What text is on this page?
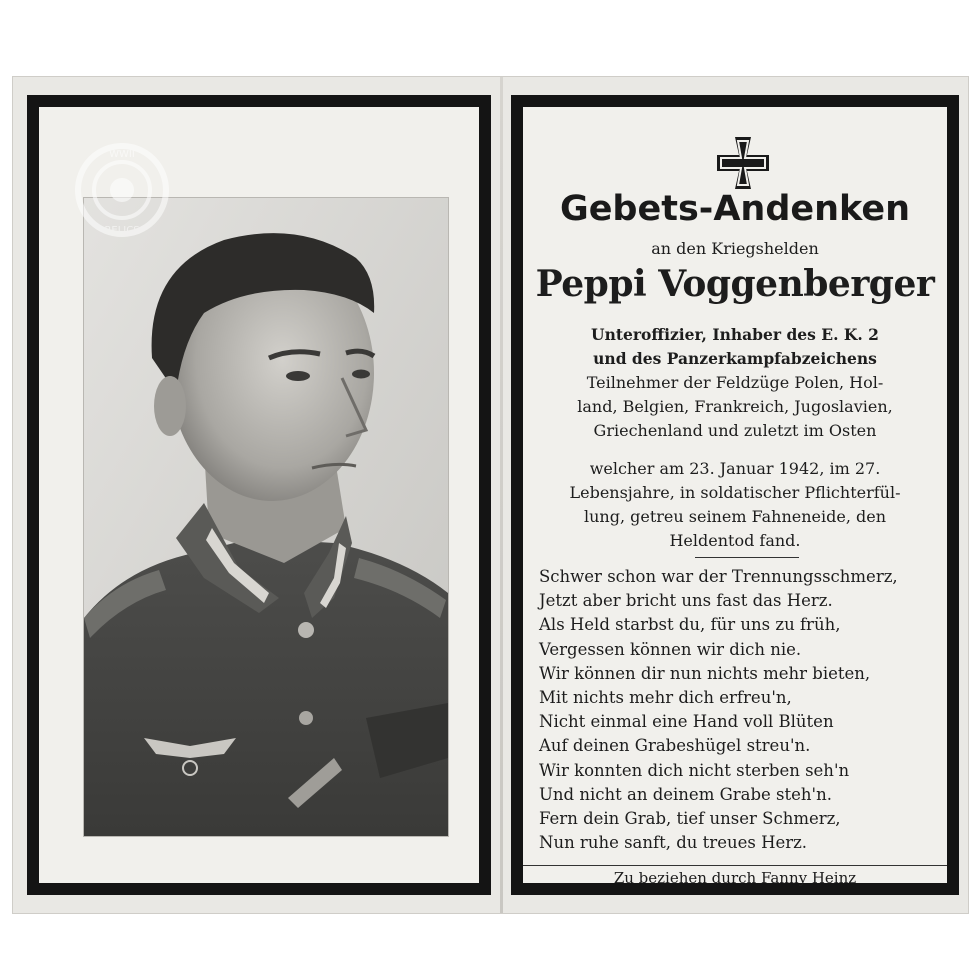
WWII
RELICS
Gebets-Andenken
an den Kriegshelden
Peppi Voggenberger
Unteroffizier, Inhaber des E. K. 2
und des Panzerkampfabzeichens
Teilnehmer der Feldzüge Polen, Hol-
land, Belgien, Frankreich, Jugoslavien,
Griechenland und zuletzt im Osten
welcher am 23. Januar 1942, im 27.
Lebensjahre, in soldatischer Pflichterfül-
lung, getreu seinem Fahneneide, den
Heldentod fand.
Schwer schon war der Trennungsschmerz,
Jetzt aber bricht uns fast das Herz.
Als Held starbst du, für uns zu früh,
Vergessen können wir dich nie.
Wir können dir nun nichts mehr bieten,
Mit nichts mehr dich erfreu'n,
Nicht einmal eine Hand voll Blüten
Auf deinen Grabeshügel streu'n.
Wir konnten dich nicht sterben seh'n
Und nicht an deinem Grabe steh'n.
Fern dein Grab, tief unser Schmerz,
Nun ruhe sanft, du treues Herz.
Zu beziehen durch Fanny Heinz
